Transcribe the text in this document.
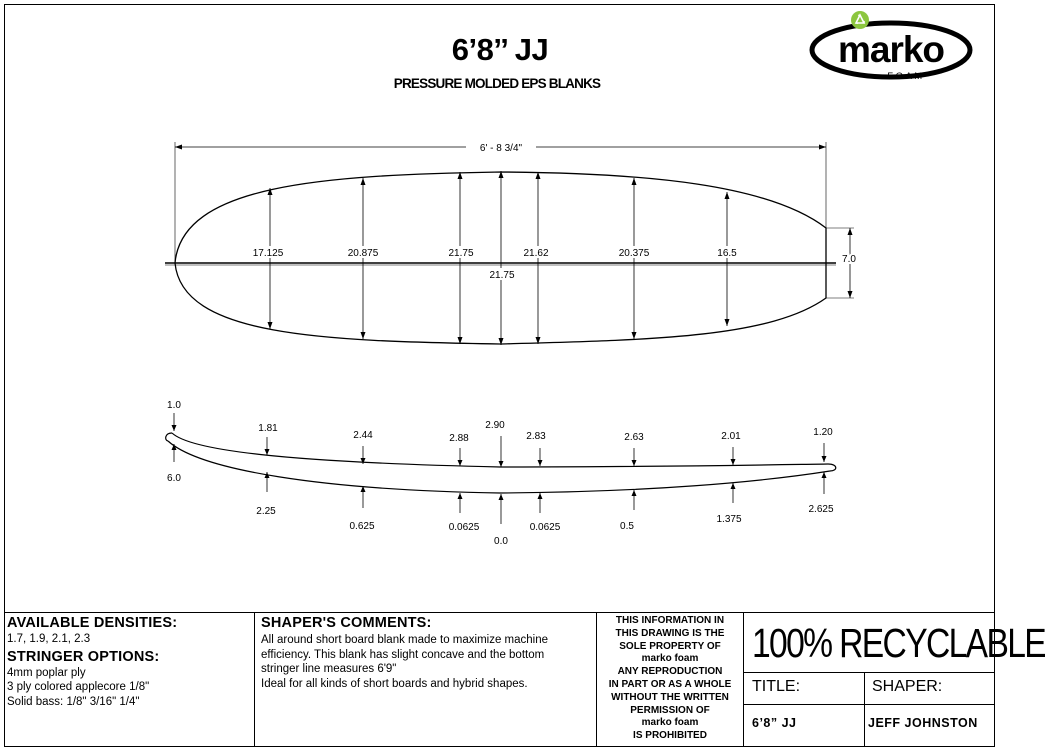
6’8’’ JJ
PRESSURE MOLDED EPS BLANKS
marko
FOAM
6' - 8 3/4"
17.125	20.875	21.75	21.62	20.375	16.5
21.75
7.0
1.0
6.0
1.81
2.44	2.88
2.90
2.83	2.63	2.01	1.20
2.25
0.625	0.0625
0.0
0.0625	0.5
1.375
2.625
AVAILABLE DENSITIES:
1.7, 1.9, 2.1, 2.3
STRINGER OPTIONS:
4mm poplar ply
3 ply colored applecore 1/8"
Solid bass: 1/8" 3/16" 1/4"
SHAPER'S COMMENTS:
All around short board blank made to maximize machine
efficiency. This blank has slight concave and the bottom
stringer line measures 6'9"
Ideal for all kinds of short boards and hybrid shapes.
THIS INFORMATION IN
THIS DRAWING IS THE
SOLE PROPERTY OF
marko foam
ANY REPRODUCTION
IN PART OR AS A WHOLE
WITHOUT THE WRITTEN
PERMISSION OF
marko foam
IS PROHIBITED
100% RECYCLABLE
TITLE:	SHAPER:
6’8” JJ	JEFF JOHNSTON
